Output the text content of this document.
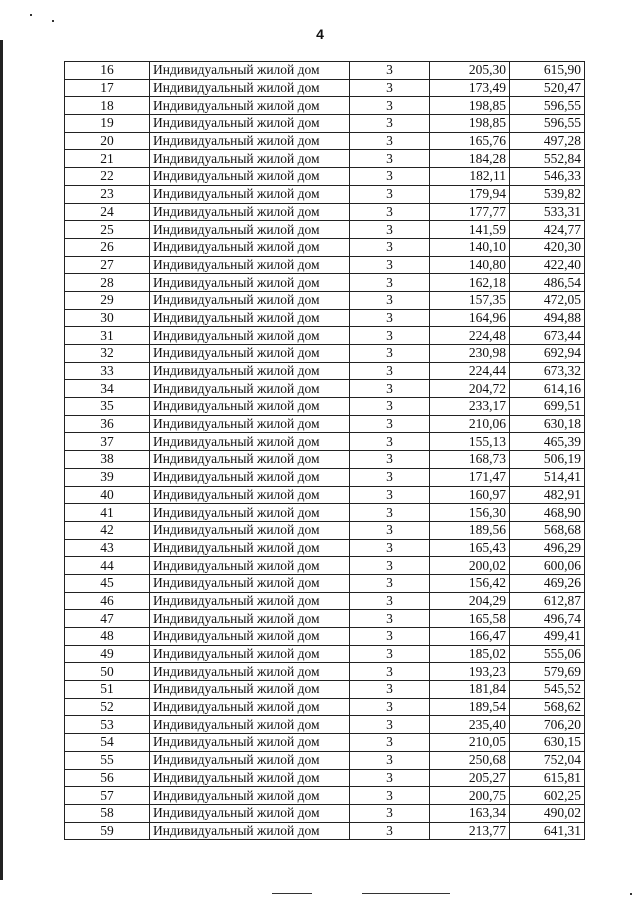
4
16	Индивидуальный жилой дом	3	205,30	615,90
17	Индивидуальный жилой дом	3	173,49	520,47
18	Индивидуальный жилой дом	3	198,85	596,55
19	Индивидуальный жилой дом	3	198,85	596,55
20	Индивидуальный жилой дом	3	165,76	497,28
21	Индивидуальный жилой дом	3	184,28	552,84
22	Индивидуальный жилой дом	3	182,11	546,33
23	Индивидуальный жилой дом	3	179,94	539,82
24	Индивидуальный жилой дом	3	177,77	533,31
25	Индивидуальный жилой дом	3	141,59	424,77
26	Индивидуальный жилой дом	3	140,10	420,30
27	Индивидуальный жилой дом	3	140,80	422,40
28	Индивидуальный жилой дом	3	162,18	486,54
29	Индивидуальный жилой дом	3	157,35	472,05
30	Индивидуальный жилой дом	3	164,96	494,88
31	Индивидуальный жилой дом	3	224,48	673,44
32	Индивидуальный жилой дом	3	230,98	692,94
33	Индивидуальный жилой дом	3	224,44	673,32
34	Индивидуальный жилой дом	3	204,72	614,16
35	Индивидуальный жилой дом	3	233,17	699,51
36	Индивидуальный жилой дом	3	210,06	630,18
37	Индивидуальный жилой дом	3	155,13	465,39
38	Индивидуальный жилой дом	3	168,73	506,19
39	Индивидуальный жилой дом	3	171,47	514,41
40	Индивидуальный жилой дом	3	160,97	482,91
41	Индивидуальный жилой дом	3	156,30	468,90
42	Индивидуальный жилой дом	3	189,56	568,68
43	Индивидуальный жилой дом	3	165,43	496,29
44	Индивидуальный жилой дом	3	200,02	600,06
45	Индивидуальный жилой дом	3	156,42	469,26
46	Индивидуальный жилой дом	3	204,29	612,87
47	Индивидуальный жилой дом	3	165,58	496,74
48	Индивидуальный жилой дом	3	166,47	499,41
49	Индивидуальный жилой дом	3	185,02	555,06
50	Индивидуальный жилой дом	3	193,23	579,69
51	Индивидуальный жилой дом	3	181,84	545,52
52	Индивидуальный жилой дом	3	189,54	568,62
53	Индивидуальный жилой дом	3	235,40	706,20
54	Индивидуальный жилой дом	3	210,05	630,15
55	Индивидуальный жилой дом	3	250,68	752,04
56	Индивидуальный жилой дом	3	205,27	615,81
57	Индивидуальный жилой дом	3	200,75	602,25
58	Индивидуальный жилой дом	3	163,34	490,02
59	Индивидуальный жилой дом	3	213,77	641,31
